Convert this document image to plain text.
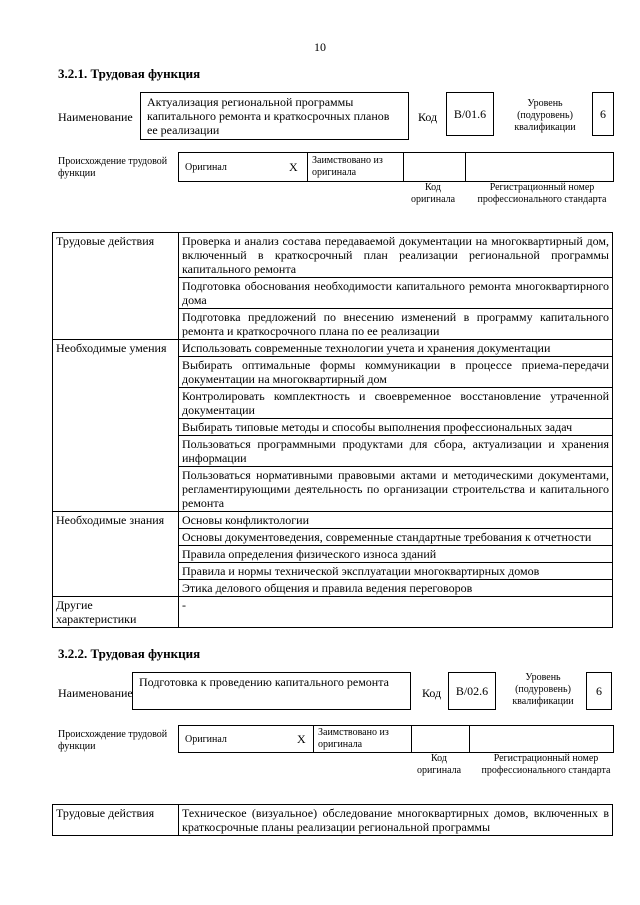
10
3.2.1. Трудовая функция
Наименование
Актуализация региональной программы капитального ремонта и краткосрочных планов ее реализации
Код	B/01.6
Уровень (подуровень) квалификации
6
Происхождение трудовой функции
Оригинал	X Заимствовано из оригинала
Код оригинала
Регистрационный номер профессионального стандарта
Трудовые действия	Проверка и анализ состава передаваемой документации на многоквартирный дом, включенный в краткосрочный план реализации региональной программы капитального ремонта
	Подготовка обоснования необходимости капитального ремонта многоквартирного дома
	Подготовка предложений по внесению изменений в программу капитального ремонта и краткосрочного плана по ее реализации
Необходимые умения	Использовать современные технологии учета и хранения документации
	Выбирать оптимальные формы коммуникации в процессе приема-передачи документации на многоквартирный дом
	Контролировать комплектность и своевременное восстановление утраченной документации
	Выбирать типовые методы и способы выполнения профессиональных задач
	Пользоваться программными продуктами для сбора, актуализации и хранения информации
	Пользоваться нормативными правовыми актами и методическими документами, регламентирующими деятельность по организации строительства и капитального ремонта
Необходимые знания	Основы конфликтологии
	Основы документоведения, современные стандартные требования к отчетности
	Правила определения физического износа зданий
	Правила и нормы технической эксплуатации многоквартирных домов
	Этика делового общения и правила ведения переговоров
Другие характеристики	-
3.2.2. Трудовая функция
Наименование
Подготовка к проведению капитального ремонта
Код	B/02.6
Уровень (подуровень) квалификации
6
Происхождение трудовой функции
Оригинал	X Заимствовано из оригинала
Код оригинала
Регистрационный номер профессионального стандарта
Трудовые действия	Техническое (визуальное) обследование многоквартирных домов, включенных в краткосрочные планы реализации региональной программы
